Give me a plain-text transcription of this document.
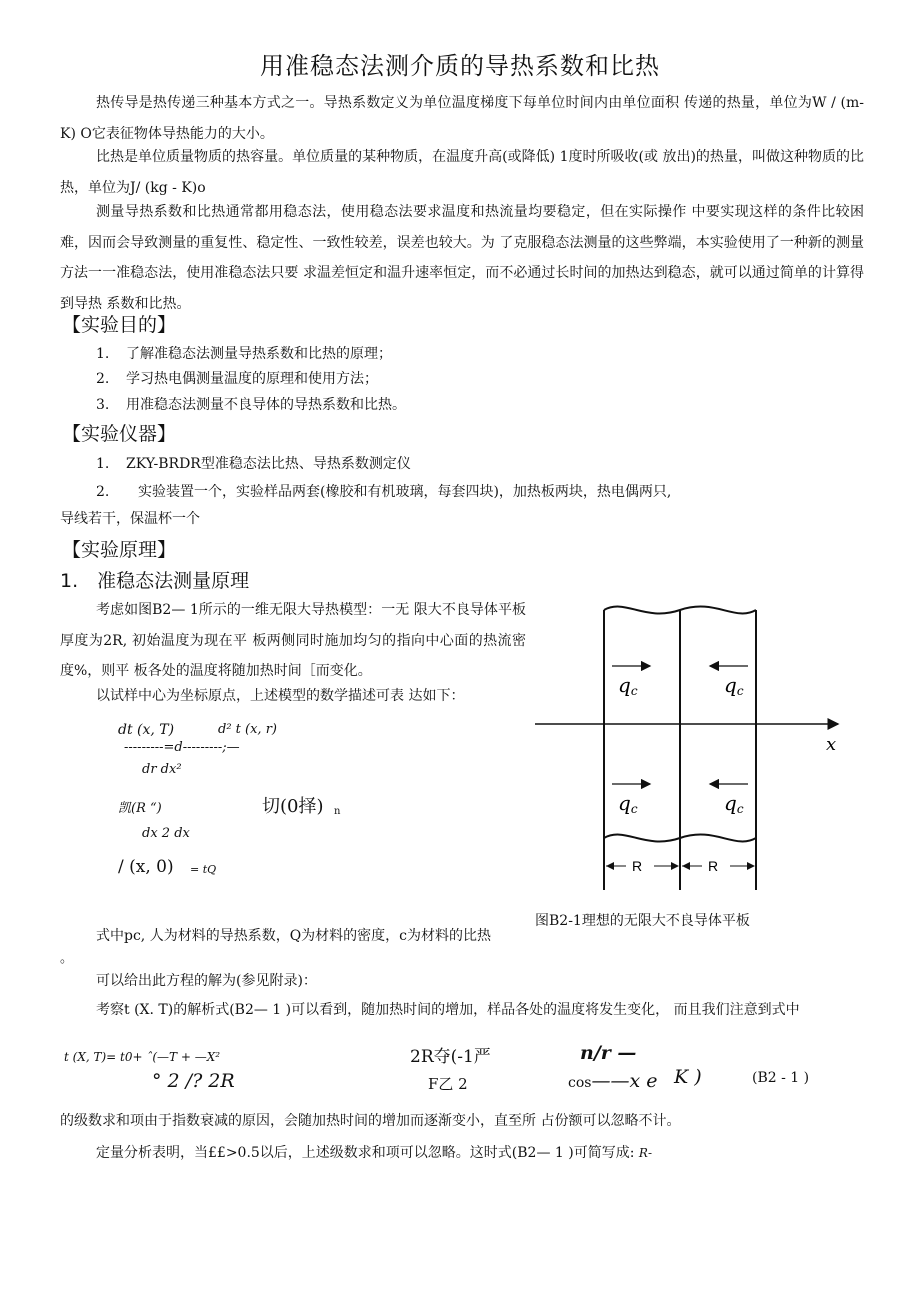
用准稳态法测介质的导热系数和比热
热传导是热传递三种基本方式之一。导热系数定义为单位温度梯度下每单位时间内由单位面积 传递的热量，单位为W / (m- K) O它表征物体导热能力的大小。
比热是单位质量物质的热容量。单位质量的某种物质，在温度升高(或降低) 1度时所吸收(或 放出)的热量，叫做这种物质的比热，单位为J/ (kg - K)o
测量导热系数和比热通常都用稳态法，使用稳态法要求温度和热流量均要稳定，但在实际操作 中要实现这样的条件比较困难，因而会导致测量的重复性、稳定性、一致性较差，误差也较大。为 了克服稳态法测量的这些弊端，本实验使用了一种新的测量方法一一准稳态法，使用准稳态法只要 求温差恒定和温升速率恒定，而不必通过长时间的加热达到稳态，就可以通过简单的计算得到导热 系数和比热。
【实验目的】
1. 了解准稳态法测量导热系数和比热的原理；
2. 学习热电偶测量温度的原理和使用方法；
3. 用准稳态法测量不良导体的导热系数和比热。
【实验仪器】
1. ZKY-BRDR型准稳态法比热、导热系数测定仪
2. 实验装置一个，实验样品两套(橡胶和有机玻璃，每套四块)，加热板两块，热电偶两只,
导线若干，保温杯一个
【实验原理】
1.　准稳态法测量原理
考虑如图B2— 1所示的一维无限大导热模型：一无 限大不良导体平板厚度为2R, 初始温度为现在平 板两侧同时施加均匀的指向中心面的热流密度%，则平 板各处的温度将随加热时间［而变化。
以试样中心为坐标原点，上述模型的数学描述可表 达如下：
dt (x, T)	d² t (x, r)
---------=d---------;—
dr dx²
凯(R “)	切(0择) n
dx 2 dx
/ (x, 0) = tQ
x
qc	qc
qc	qc
R	R
图B2-1理想的无限大不良导体平板
式中pc, 人为材料的导热系数，Q为材料的密度，c为材料的比热
。
可以给出此方程的解为(参见附录)：
考察t (X. T)的解析式(B2— 1 )可以看到，随加热时间的增加，样品各处的温度将发生变化， 而且我们注意到式中
t (X, T)= t0+ ˆ(—T + —X²
° 2 /? 2R
2R夺(-1严
F乙 2
n/r —
cos——x e K )	(B2 - 1 )
的级数求和项由于指数衰减的原因，会随加热时间的增加而逐渐变小，直至所 占份额可以忽略不计。
定量分析表明，当££>0.5以后，上述级数求和项可以忽略。这时式(B2— 1 )可简写成: R-
